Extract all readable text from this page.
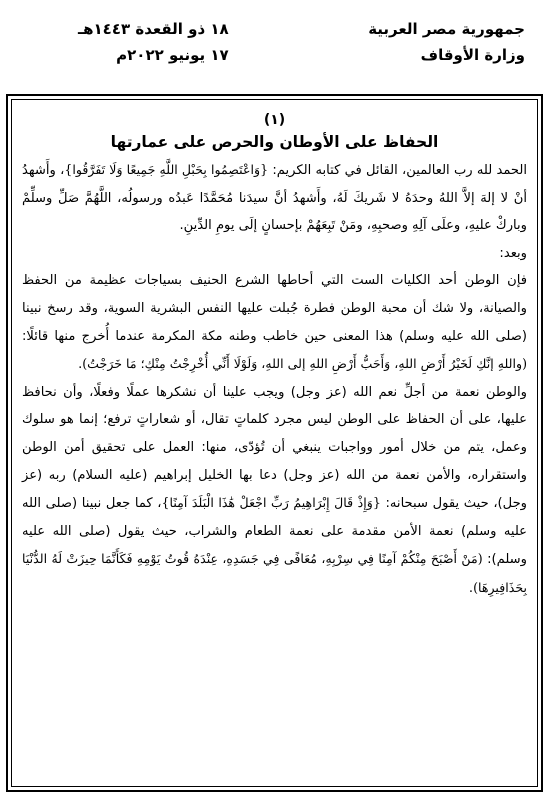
جمهورية مصر العربية
وزارة الأوقاف
١٨ ذو القعدة ١٤٤٣هـ
١٧ يونيو ٢٠٢٢م
(١)
الحفاظ على الأوطان والحرص على عمارتها

الحمد لله رب العالمين، القائل في كتابه الكريم: {وَاعْتَصِمُوا بِحَبْلِ اللَّهِ جَمِيعًا وَلَا تَفَرَّقُوا}، وأَشهدُ أنْ لا إلهَ إلاَّ اللهُ وحدَهُ لا شَريكَ لَهُ، وأَشهدُ أنَّ سيدَنا مُحَمَّدًا عَبدُه ورسولُه، اللَّهُمَّ صَلِّ وسلِّمْ وباركْ عليهِ، وعلَى آلِهِ وصحبِهِ، ومَنْ تَبِعَهُمْ بإحسانٍ إلَى يومِ الدِّينِ.

وبعد:

فإن الوطن أحد الكليات الست التي أحاطها الشرع الحنيف بسياجات عظيمة من الحفظ والصيانة، ولا شك أن محبة الوطن فطرة جُبلت عليها النفس البشرية السوية، وقد رسخ نبينا (صلى الله عليه وسلم) هذا المعنى حين خاطب وطنه مكة المكرمة عندما أُخرج منها قائلًا: (واللهِ إنَّكِ لَخَيْرُ أَرْضِ اللهِ، وَأَحَبُّ أَرْضِ اللهِ إلى اللهِ، وَلَوْلَا أَنِّي أُخْرِجْتُ مِنْكِ؛ مَا خَرَجْتُ).

والوطن نعمة من أجلِّ نعم الله (عز وجل) ويجب علينا أن نشكرها عملًا وفعلًا، وأن نحافظ عليها، على أن الحفاظ على الوطن ليس مجرد كلماتٍ تقال، أو شعاراتٍ ترفع؛ إنما هو سلوك وعمل، يتم من خلال أمور وواجبات ينبغي أن تُؤدّى، منها: العمل على تحقيق أمن الوطن واستقراره، والأمن نعمة من الله (عز وجل) دعا بها الخليل إبراهيم (عليه السلام) ربه (عز وجل)، حيث يقول سبحانه: {وَإِذْ قَالَ إِبْرَاهِيمُ رَبِّ اجْعَلْ هَٰذَا الْبَلَدَ آمِنًا}، كما جعل نبينا (صلى الله عليه وسلم) نعمة الأمن مقدمة على نعمة الطعام والشراب، حيث يقول (صلى الله عليه وسلم): (مَنْ أَصْبَحَ مِنْكُمْ آمِنًا فِي سِرْبِهِ، مُعَافًى فِي جَسَدِهِ، عِنْدَهُ قُوتُ يَوْمِهِ فَكَأَنَّمَا حِيزَتْ لَهُ الدُّنْيَا بِحَذَافِيرِهَا).
